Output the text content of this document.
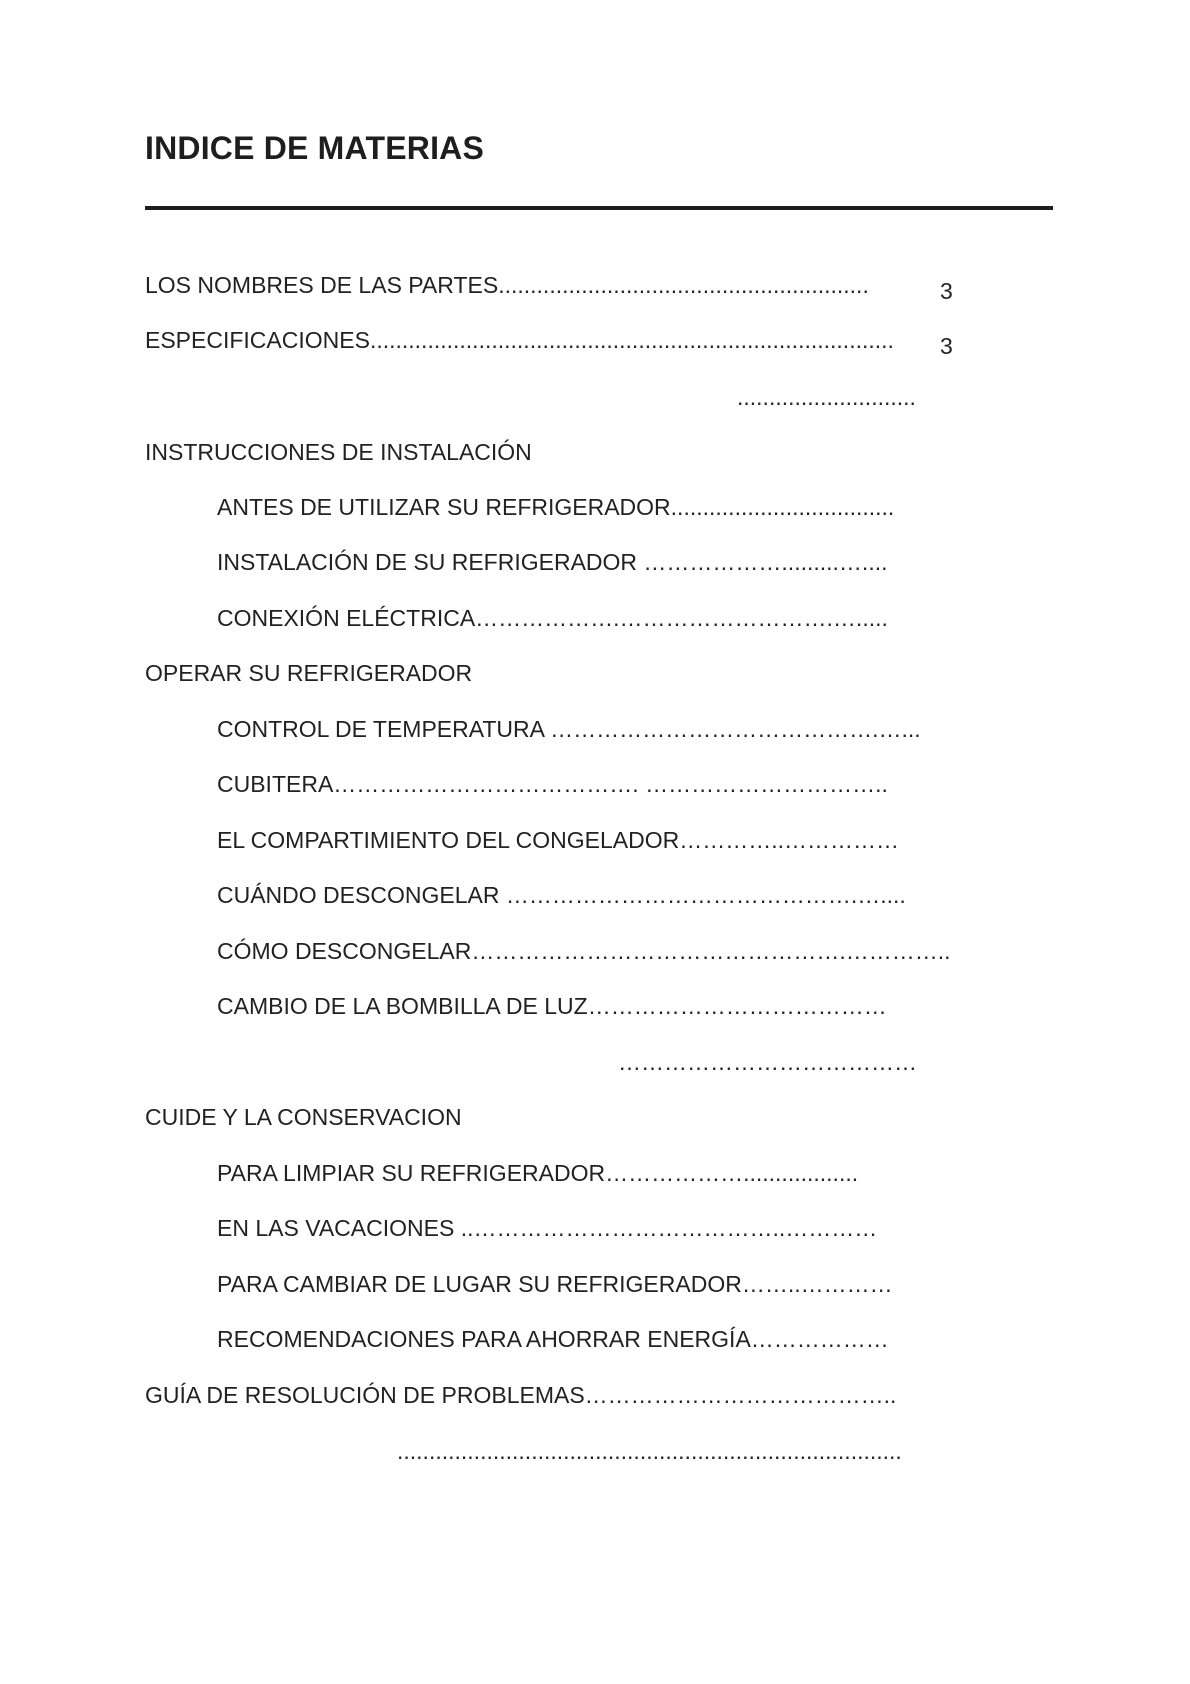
INDICE DE MATERIAS
LOS NOMBRES DE LAS PARTES..........................................................	3
ESPECIFICACIONES.................................................................................. 3
............................
INSTRUCCIONES DE INSTALACIÓN
ANTES DE UTILIZAR SU REFRIGERADOR...................................
INSTALACIÓN DE SU REFRIGERADOR ……………….........…....
CONEXIÓN ELÉCTRICA……………….……………………….….....
OPERAR SU REFRIGERADOR
CONTROL DE TEMPERATURA …………………………………….…...
CUBITERA…………………………………. …………………………..
EL COMPARTIMIENTO DEL CONGELADOR…………..……………
CUÁNDO DESCONGELAR ……………………………………….…....
CÓMO DESCONGELAR………………………………………….…………..
CAMBIO DE LA BOMBILLA DE LUZ…………………………………
…………………………………
CUIDE Y LA CONSERVACION
PARA LIMPIAR SU REFRIGERADOR………………..................
EN LAS VACACIONES ..…………………………………..…………
PARA CAMBIAR DE LUGAR SU REFRIGERADOR……..…………
RECOMENDACIONES PARA AHORRAR ENERGÍA………………
GUÍA DE RESOLUCIÓN DE PROBLEMAS…………………………………..
...............................................................................
